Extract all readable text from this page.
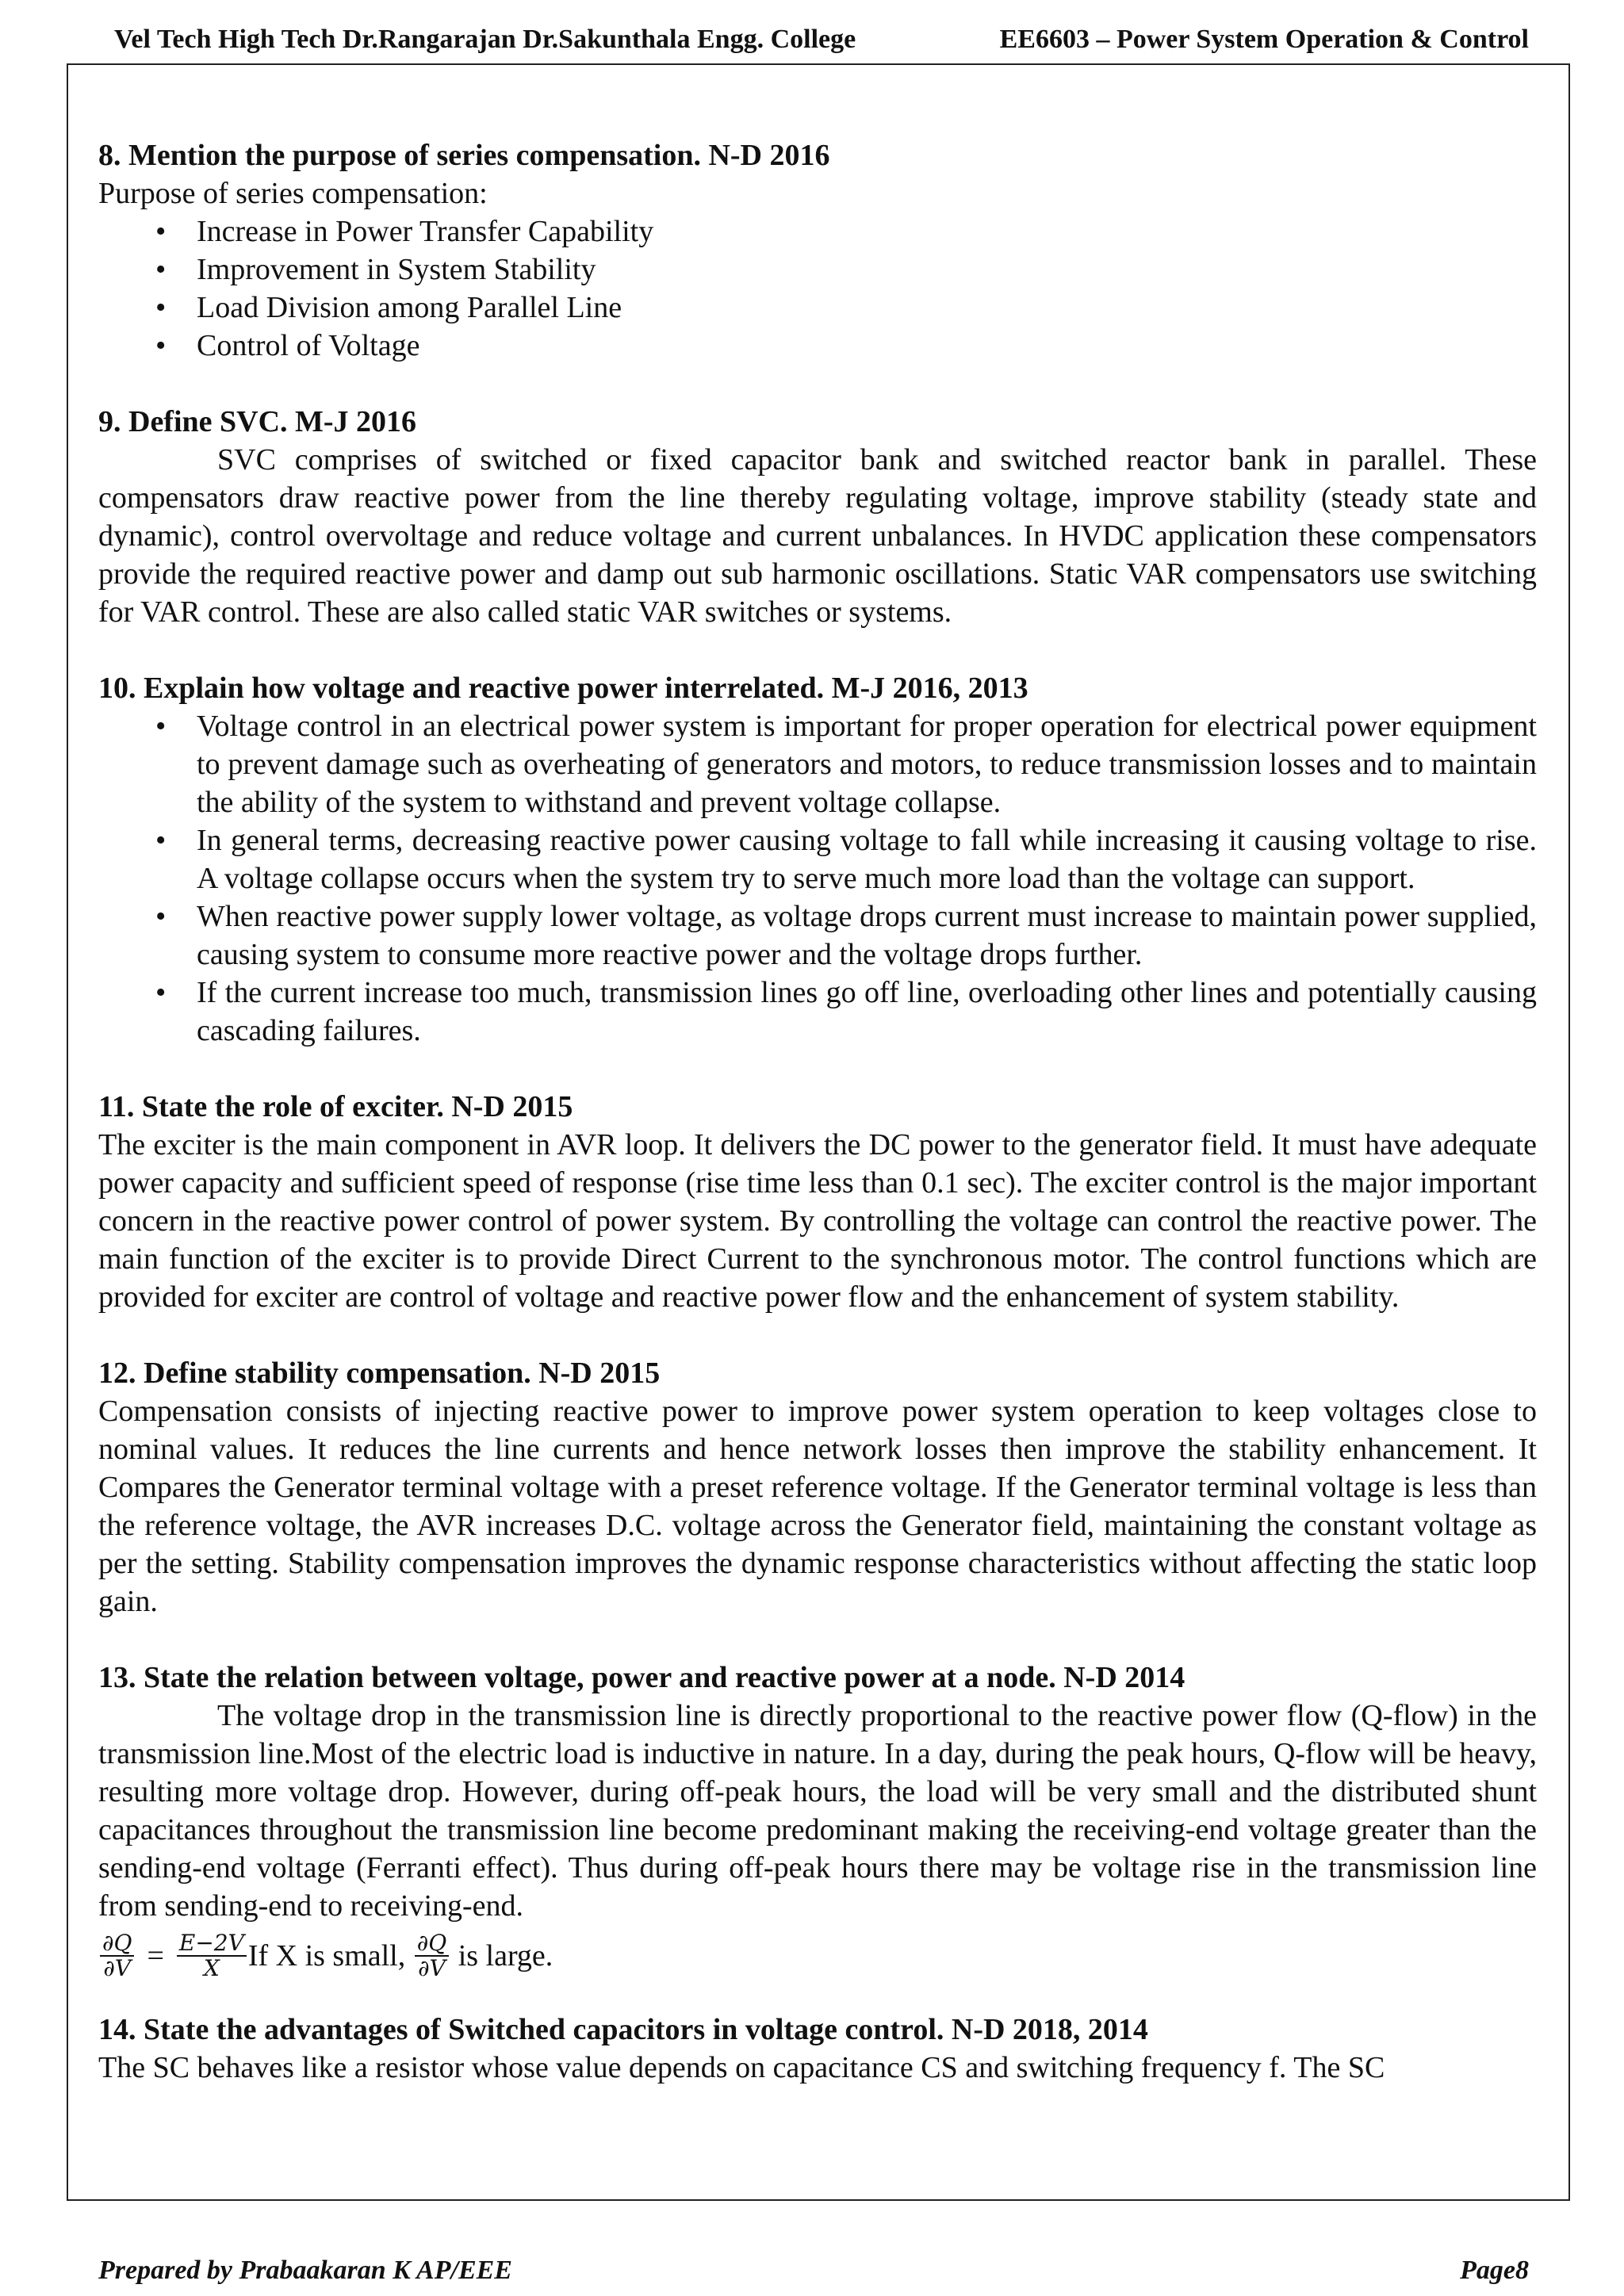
Vel Tech High Tech Dr.Rangarajan Dr.Sakunthala Engg. College	EE6603 – Power System Operation & Control

8. Mention the purpose of series compensation. N-D 2016

Purpose of series compensation:

• Increase in Power Transfer Capability
• Improvement in System Stability
• Load Division among Parallel Line
• Control of Voltage

9. Define SVC. M-J 2016

SVC comprises of switched or fixed capacitor bank and switched reactor bank in parallel. These compensators draw reactive power from the line thereby regulating voltage, improve stability (steady state and dynamic), control overvoltage and reduce voltage and current unbalances. In HVDC application these compensators provide the required reactive power and damp out sub harmonic oscillations. Static VAR compensators use switching for VAR control. These are also called static VAR switches or systems.

10. Explain how voltage and reactive power interrelated. M-J 2016, 2013

• Voltage control in an electrical power system is important for proper operation for electrical power equipment to prevent damage such as overheating of generators and motors, to reduce transmission losses and to maintain the ability of the system to withstand and prevent voltage collapse.
• In general terms, decreasing reactive power causing voltage to fall while increasing it causing voltage to rise. A voltage collapse occurs when the system try to serve much more load than the voltage can support.
• When reactive power supply lower voltage, as voltage drops current must increase to maintain power supplied, causing system to consume more reactive power and the voltage drops further.
• If the current increase too much, transmission lines go off line, overloading other lines and potentially causing cascading failures.

11. State the role of exciter. N-D 2015

The exciter is the main component in AVR loop. It delivers the DC power to the generator field. It must have adequate power capacity and sufficient speed of response (rise time less than 0.1 sec). The exciter control is the major important concern in the reactive power control of power system. By controlling the voltage can control the reactive power. The main function of the exciter is to provide Direct Current to the synchronous motor. The control functions which are provided for exciter are control of voltage and reactive power flow and the enhancement of system stability.

12. Define stability compensation. N-D 2015

Compensation consists of injecting reactive power to improve power system operation to keep voltages close to nominal values. It reduces the line currents and hence network losses then improve the stability enhancement. It Compares the Generator terminal voltage with a preset reference voltage. If the Generator terminal voltage is less than the reference voltage, the AVR increases D.C. voltage across the Generator field, maintaining the constant voltage as per the setting. Stability compensation improves the dynamic response characteristics without affecting the static loop gain.

13. State the relation between voltage, power and reactive power at a node. N-D 2014

The voltage drop in the transmission line is directly proportional to the reactive power flow (Q-flow) in the transmission line.Most of the electric load is inductive in nature. In a day, during the peak hours, Q-flow will be heavy, resulting more voltage drop. However, during off-peak hours, the load will be very small and the distributed shunt capacitances throughout the transmission line become predominant making the receiving-end voltage greater than the sending-end voltage (Ferranti effect). Thus during off-peak hours there may be voltage rise in the transmission line from sending-end to receiving-end.

$\frac{\partial Q}{\partial V} = \frac{E-2V}{X}$ If X is small,
$\frac{\partial Q}{\partial V}$
is large.

14. State the advantages of Switched capacitors in voltage control. N-D 2018, 2014

The SC behaves like a resistor whose value depends on capacitance CS and switching frequency f. The SC

Prepared by Prabaakaran K AP/EEE	Page8
